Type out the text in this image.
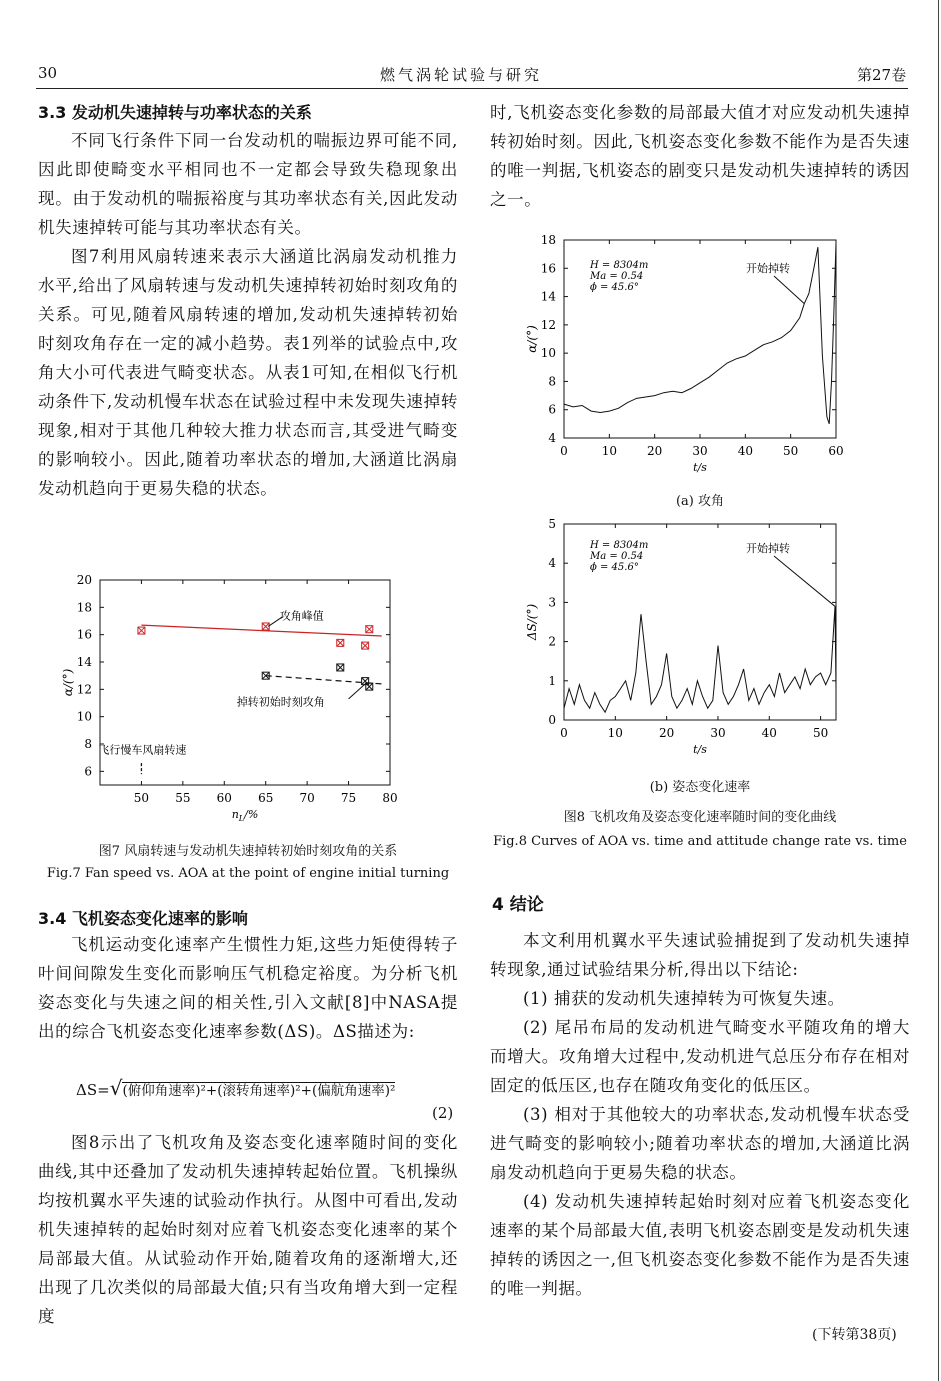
30	燃气涡轮试验与研究	第27卷
3.3 发动机失速掉转与功率状态的关系

不同飞行条件下同一台发动机的喘振边界可能不同,因此即使畸变水平相同也不一定都会导致失稳现象出现。由于发动机的喘振裕度与其功率状态有关,因此发动机失速掉转可能与其功率状态有关。

图7利用风扇转速来表示大涵道比涡扇发动机推力水平,给出了风扇转速与发动机失速掉转初始时刻攻角的关系。可见,随着风扇转速的增加,发动机失速掉转初始时刻攻角存在一定的减小趋势。表1列举的试验点中,攻角大小可代表进气畸变状态。从表1可知,在相似飞行机动条件下,发动机慢车状态在试验过程中未发现失速掉转现象,相对于其他几种较大推力状态而言,其受进气畸变的影响较小。因此,随着功率状态的增加,大涵道比涡扇发动机趋向于更易失稳的状态。

50 55 60 65 70 75 80
6
8
10
12
14
16
18
20
$n_L/\%$
α/(°)
攻角峰值
掉转初始时刻攻角
飞行慢车风扇转速
图7 风扇转速与发动机失速掉转初始时刻攻角的关系
Fig.7 Fan speed vs. AOA at the point of engine initial turning
3.4 飞机姿态变化速率的影响

飞机运动变化速率产生惯性力矩,这些力矩使得转子叶间间隙发生变化而影响压气机稳定裕度。为分析飞机姿态变化与失速之间的相关性,引入文献[8]中NASA提出的综合飞机姿态变化速率参数(ΔS)。ΔS描述为:

ΔS=√(俯仰角速率)²+(滚转角速率)²+(偏航角速率)²
(2)

图8示出了飞机攻角及姿态变化速率随时间的变化曲线,其中还叠加了发动机失速掉转起始位置。飞机操纵均按机翼水平失速的试验动作执行。从图中可看出,发动机失速掉转的起始时刻对应着飞机姿态变化速率的某个局部最大值。从试验动作开始,随着攻角的逐渐增大,还出现了几次类似的局部最大值;只有当攻角增大到一定程度

时,飞机姿态变化参数的局部最大值才对应发动机失速掉转初始时刻。因此,飞机姿态变化参数不能作为是否失速的唯一判据,飞机姿态的剧变只是发动机失速掉转的诱因之一。

0	10	20	30	40	50	60
4
6
8
10
12
14
16
18
t/s
α/(°)
H = 8304m
Ma = 0.54
ϕ = 45.6°
开始掉转
(a) 攻角
0	10	20	30	40	50
0
1
2
3
4
5
t/s
ΔS/(°)
H = 8304m
Ma = 0.54
ϕ = 45.6°
开始掉转
(b) 姿态变化速率
图8 飞机攻角及姿态变化速率随时间的变化曲线
Fig.8 Curves of AOA vs. time and attitude change rate vs. time
4 结论

本文利用机翼水平失速试验捕捉到了发动机失速掉转现象,通过试验结果分析,得出以下结论:

(1) 捕获的发动机失速掉转为可恢复失速。

(2) 尾吊布局的发动机进气畸变水平随攻角的增大而增大。攻角增大过程中,发动机进气总压分布存在相对固定的低压区,也存在随攻角变化的低压区。

(3) 相对于其他较大的功率状态,发动机慢车状态受进气畸变的影响较小;随着功率状态的增加,大涵道比涡扇发动机趋向于更易失稳的状态。

(4) 发动机失速掉转起始时刻对应着飞机姿态变化速率的某个局部最大值,表明飞机姿态剧变是发动机失速掉转的诱因之一,但飞机姿态变化参数不能作为是否失速的唯一判据。

(下转第38页)
